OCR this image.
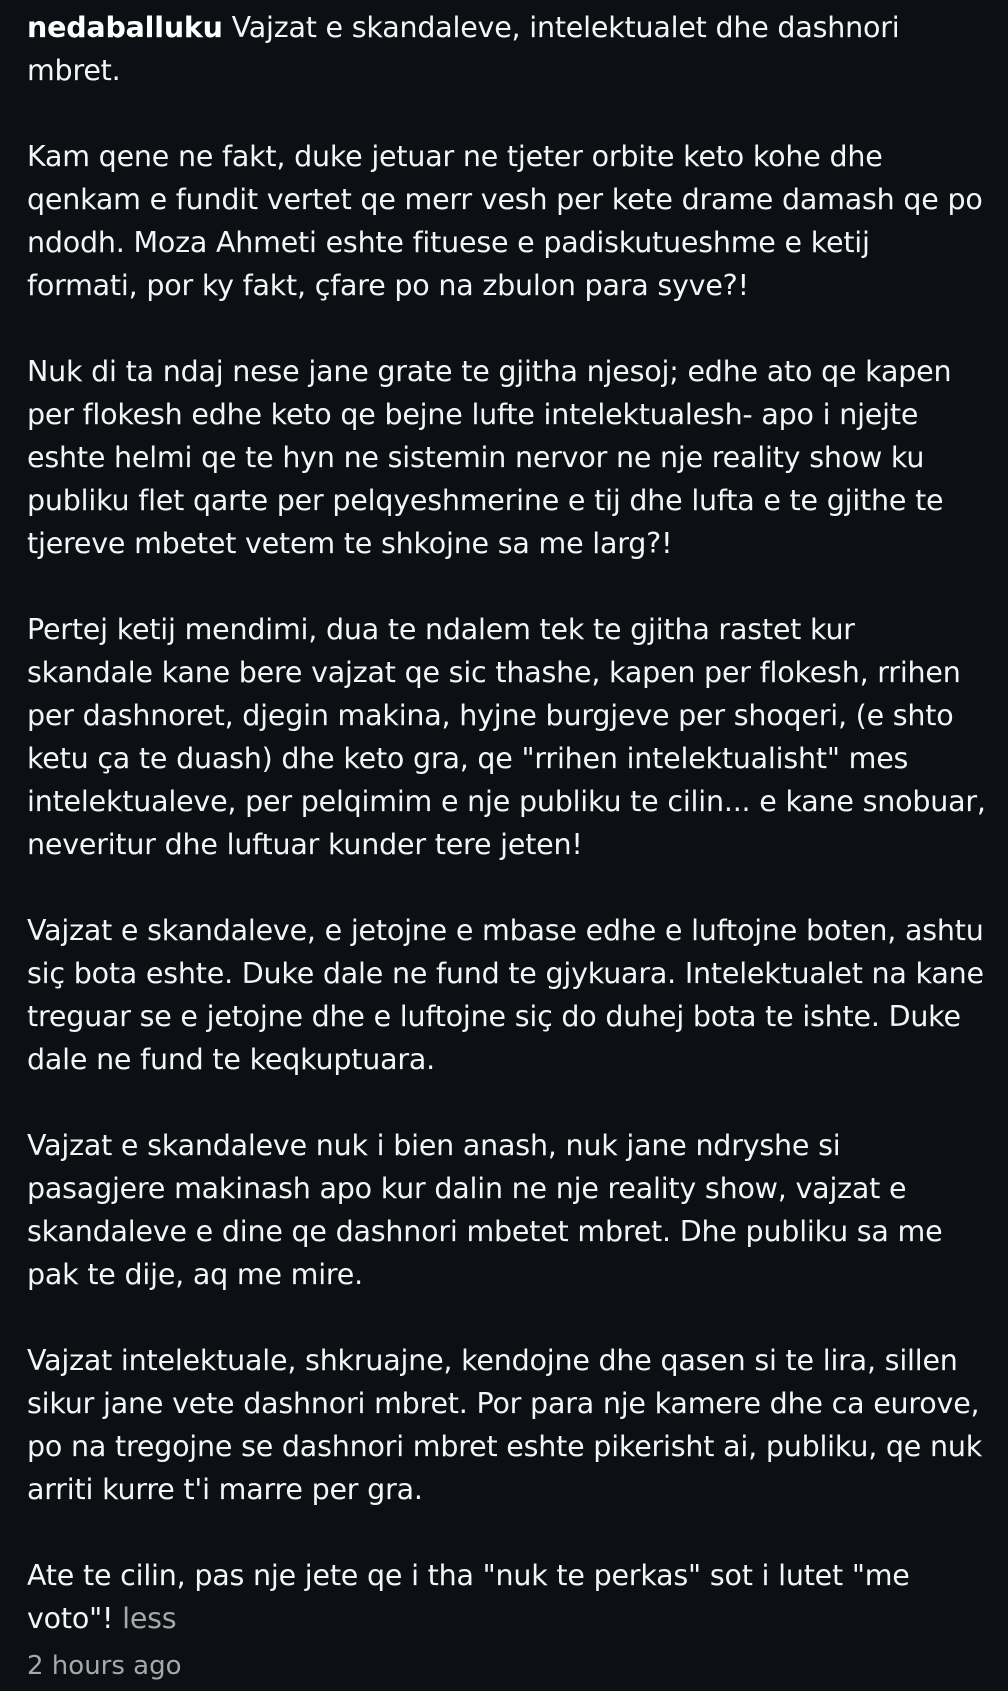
nedaballuku Vajzat e skandaleve, intelektualet dhe dashnori mbret.

Kam qene ne fakt, duke jetuar ne tjeter orbite keto kohe dhe qenkam e fundit vertet qe merr vesh per kete drame damash qe po ndodh. Moza Ahmeti eshte fituese e padiskutueshme e ketij formati, por ky fakt, çfare po na zbulon para syve?!

Nuk di ta ndaj nese jane grate te gjitha njesoj; edhe ato qe kapen per flokesh edhe keto qe bejne lufte intelektualesh- apo i njejte eshte helmi qe te hyn ne sistemin nervor ne nje reality show ku publiku flet qarte per pelqyeshmerine e tij dhe lufta e te gjithe te tjereve mbetet vetem te shkojne sa me larg?!

Pertej ketij mendimi, dua te ndalem tek te gjitha rastet kur skandale kane bere vajzat qe sic thashe, kapen per flokesh, rrihen per dashnoret, djegin makina, hyjne burgjeve per shoqeri, (e shto ketu ça te duash) dhe keto gra, qe "rrihen intelektualisht" mes intelektualeve, per pelqimim e nje publiku te cilin... e kane snobuar, neveritur dhe luftuar kunder tere jeten!

Vajzat e skandaleve, e jetojne e mbase edhe e luftojne boten, ashtu siç bota eshte. Duke dale ne fund te gjykuara. Intelektualet na kane treguar se e jetojne dhe e luftojne siç do duhej bota te ishte. Duke dale ne fund te keqkuptuara.

Vajzat e skandaleve nuk i bien anash, nuk jane ndryshe si pasagjere makinash apo kur dalin ne nje reality show, vajzat e skandaleve e dine qe dashnori mbetet mbret. Dhe publiku sa me pak te dije, aq me mire.

Vajzat intelektuale, shkruajne, kendojne dhe qasen si te lira, sillen sikur jane vete dashnori mbret. Por para nje kamere dhe ca eurove, po na tregojne se dashnori mbret eshte pikerisht ai, publiku, qe nuk arriti kurre t'i marre per gra.

Ate te cilin, pas nje jete qe i tha "nuk te perkas" sot i lutet "me voto"! less

2 hours ago
